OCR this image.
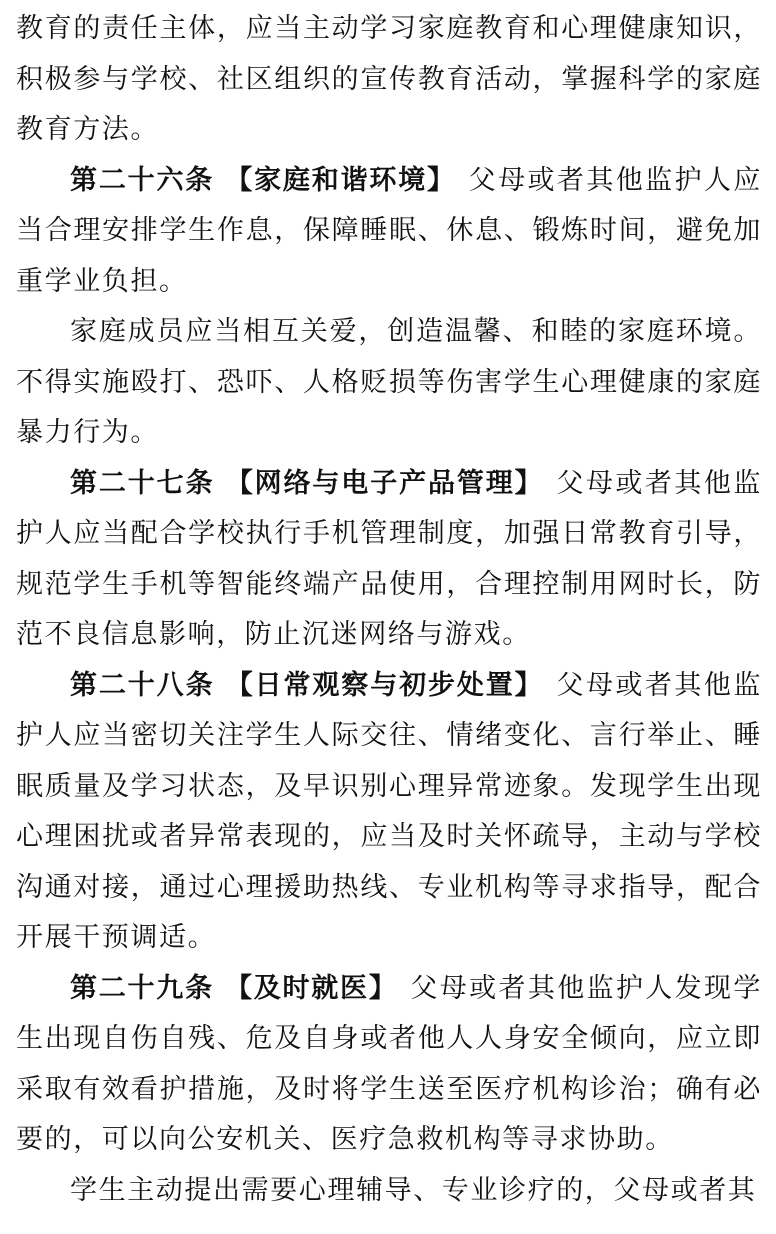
教育的责任主体，应当主动学习家庭教育和心理健康知识，积极参与学校、社区组织的宣传教育活动，掌握科学的家庭教育方法。

第二十六条 【家庭和谐环境】 父母或者其他监护人应当合理安排学生作息，保障睡眠、休息、锻炼时间，避免加重学业负担。

家庭成员应当相互关爱，创造温馨、和睦的家庭环境。不得实施殴打、恐吓、人格贬损等伤害学生心理健康的家庭暴力行为。

第二十七条 【网络与电子产品管理】 父母或者其他监护人应当配合学校执行手机管理制度，加强日常教育引导，规范学生手机等智能终端产品使用，合理控制用网时长，防范不良信息影响，防止沉迷网络与游戏。

第二十八条 【日常观察与初步处置】 父母或者其他监护人应当密切关注学生人际交往、情绪变化、言行举止、睡眠质量及学习状态，及早识别心理异常迹象。发现学生出现心理困扰或者异常表现的，应当及时关怀疏导，主动与学校沟通对接，通过心理援助热线、专业机构等寻求指导，配合开展干预调适。

第二十九条 【及时就医】 父母或者其他监护人发现学生出现自伤自残、危及自身或者他人人身安全倾向，应立即采取有效看护措施，及时将学生送至医疗机构诊治；确有必要的，可以向公安机关、医疗急救机构等寻求协助。

学生主动提出需要心理辅导、专业诊疗的，父母或者其
